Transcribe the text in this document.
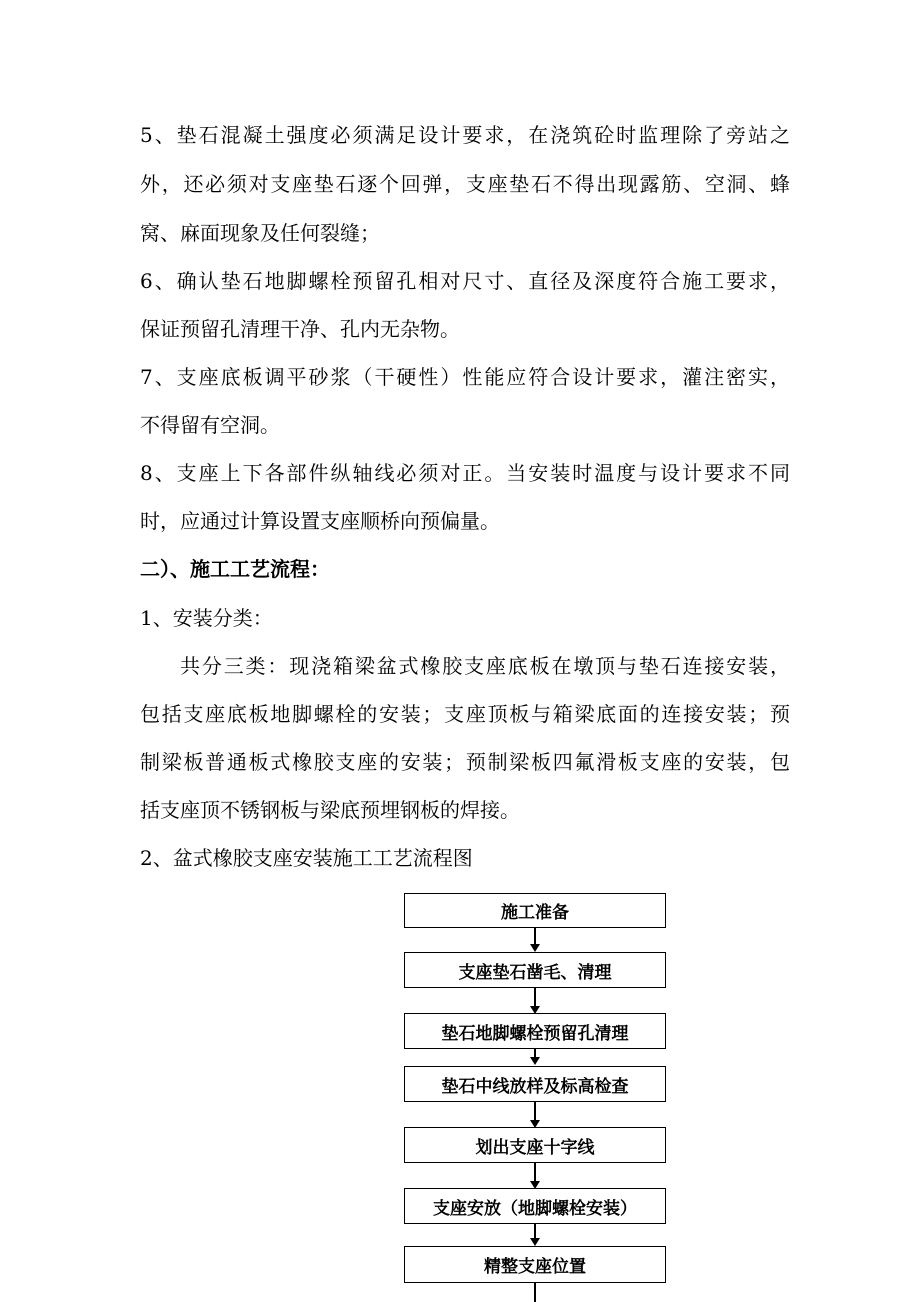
5、垫石混凝土强度必须满足设计要求，在浇筑砼时监理除了旁站之
外，还必须对支座垫石逐个回弹，支座垫石不得出现露筋、空洞、蜂
窝、麻面现象及任何裂缝；
6、确认垫石地脚螺栓预留孔相对尺寸、直径及深度符合施工要求，
保证预留孔清理干净、孔内无杂物。
7、支座底板调平砂浆（干硬性）性能应符合设计要求，灌注密实，
不得留有空洞。
8、支座上下各部件纵轴线必须对正。当安装时温度与设计要求不同
时，应通过计算设置支座顺桥向预偏量。
二）、施工工艺流程：
1、安装分类：
共分三类：现浇箱梁盆式橡胶支座底板在墩顶与垫石连接安装，
包括支座底板地脚螺栓的安装；支座顶板与箱梁底面的连接安装；预
制梁板普通板式橡胶支座的安装；预制梁板四氟滑板支座的安装，包
括支座顶不锈钢板与梁底预埋钢板的焊接。
2、盆式橡胶支座安装施工工艺流程图
施工准备
支座垫石凿毛、清理
垫石地脚螺栓预留孔清理
垫石中线放样及标高检查
划出支座十字线
支座安放（地脚螺栓安装）
精整支座位置
